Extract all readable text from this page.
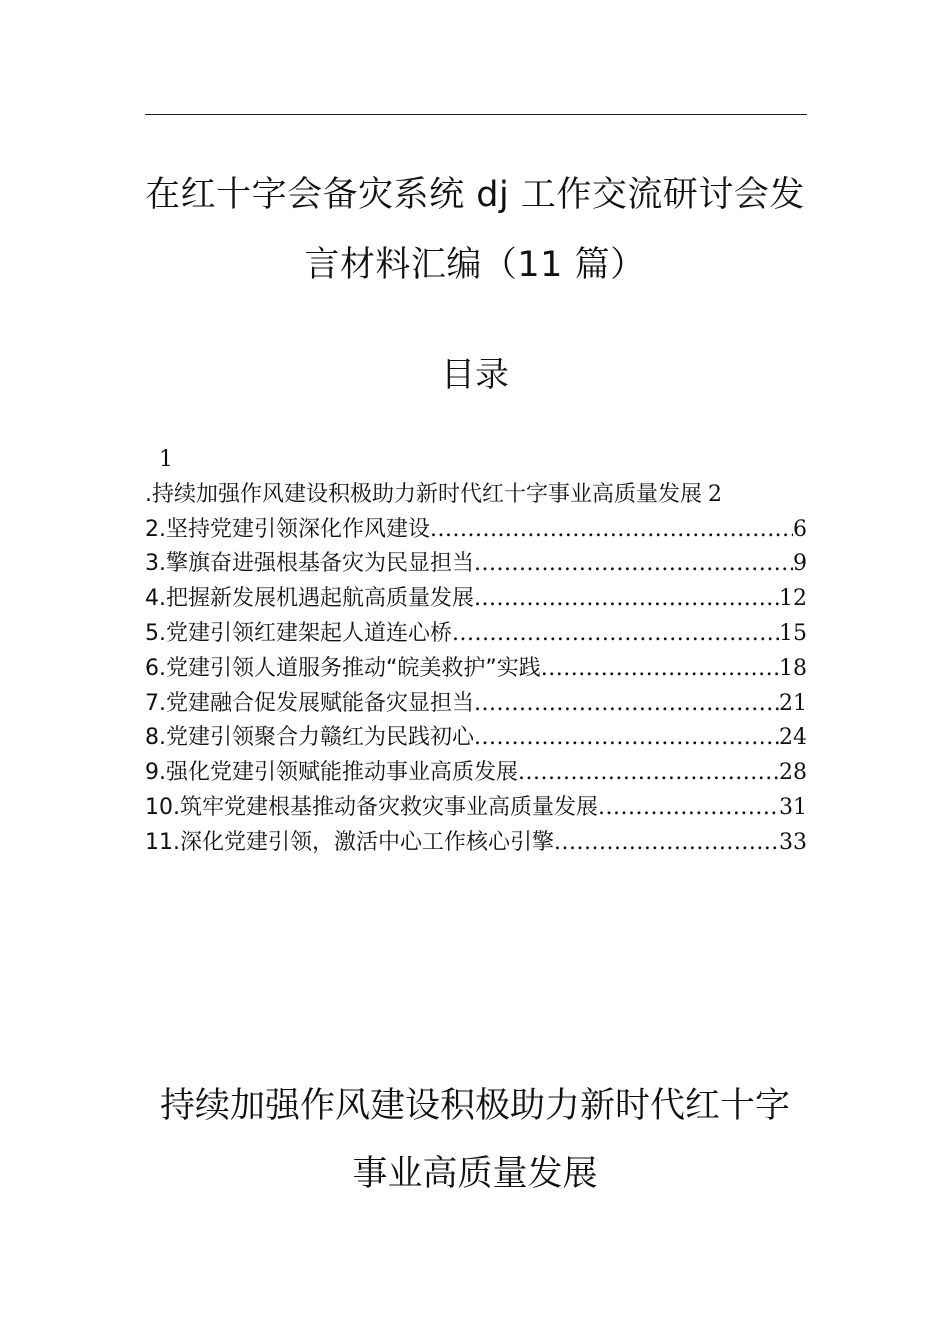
在红十字会备灾系统 dj 工作交流研讨会发
言材料汇编（11 篇）
目录
1
.持续加强作风建设积极助力新时代红十字事业高质量发展 2
2.坚持党建引领深化作风建设 .....	6
3.擎旗奋进强根基备灾为民显担当 .....	9
4.把握新发展机遇起航高质量发展 .....	12
5.党建引领红建架起人道连心桥 .....	15
6.党建引领人道服务推动“皖美救护”实践 .....	18
7.党建融合促发展赋能备灾显担当 .....	21
8.党建引领聚合力赣红为民践初心 .....	24
9.强化党建引领赋能推动事业高质发展 .....	28
10.筑牢党建根基推动备灾救灾事业高质量发展 .....	31
11.深化党建引领，激活中心工作核心引擎 .....	33
持续加强作风建设积极助力新时代红十字
事业高质量发展
